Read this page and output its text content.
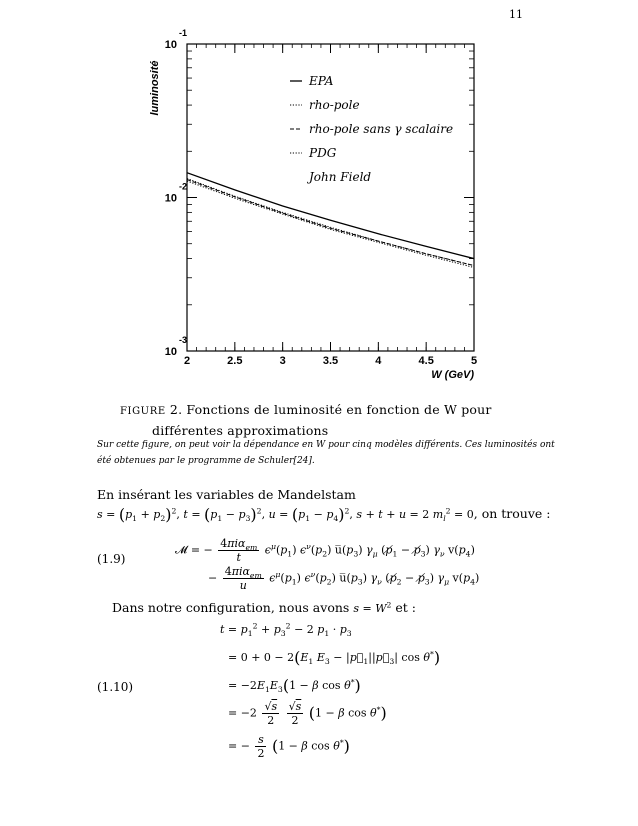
11
2	2.5	3	3.5	4	4.5	5
10
-1
10
-2
10
-3
EPA
rho-pole
rho-pole sans γ scalaire
PDG
John Field
luminosité
W (GeV)
FIGURE 2. Fonctions de luminosité en fonction de W pour
différentes approximations
Sur cette figure, on peut voir la dépendance en W pour cinq modèles différents. Ces luminosités ont été obtenues par le programme de Schuler[24].
En insérant les variables de Mandelstam $s = (p_1 + p_2)^2$, $t = (p_1 - p_3)^2$, $u = (p_1 - p_4)^2$, s + t + u = 2 $m_l^2 = 0$, on trouve :
(1.9)
𝓜 = − $\frac{4\pi i\alpha_{em}}{t} \epsilon^\mu(p_1)$ $\epsilon^\nu(p_2)$ $u̅(p_3)$ $\gamma_\mu$ ($p̸_1$ − $p̸_3$) $\gamma_\nu$ $v(p_4)$
− $\frac{4\pi i\alpha_{em}}{u} \epsilon^\mu(p_1)$ $\epsilon^\nu(p_2)$ $u̅(p_3)$ $\gamma_\nu$ ($p̸_2$ − $p̸_3$) $\gamma_\mu$ $v(p_4)$
Dans notre configuration, nous avons $s = W^2$ et :
(1.10)
$t = p_1^2 + p_3^2 - 2$ $p_1 \cdot p_3$
= $0 + 0 - 2(E_1$ $E_3$ − $|p⃗_1||p⃗_3|$ cos θ*)
= $-2E_1E_3(1 - \beta$ cos θ*)
= $-2 \frac{√s}{2}$
$\frac{√s}{2} (1 - \beta$ cos θ*)
= − $\frac{s}{2} (1 - \beta$ cos θ*)
